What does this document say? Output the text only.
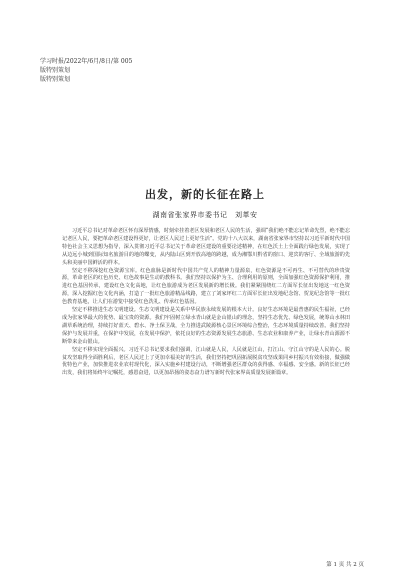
学习时报/2022年/6月/8日/第 005
版特别策划
版特别策划
出发，新的长征在路上
湖南省张家界市委书记　刘革安

习近平总书记对革命老区怀有深厚情感，时刻牵挂着老区发展和老区人民的生活，强调“我们绝不能忘记革命先烈，绝不能忘记老区人民，要把革命老区建设得更好，让老区人民过上更好生活”。党的十八大以来，湖南省张家界市坚持以习近平新时代中国特色社会主义思想为指导，深入贯彻习近平总书记关于革命老区建设的重要论述精神，在红色沃土上全面践行绿色发展，实现了从边远小城到国际知名旅游目的地的蝶变，从内陆山区到开放高地的跨越，成为湘鄂川黔省的窗口、迎宾的客厅、全域旅游的先头和美丽中国鲜活的样本。

坚定不移深挖红色资源宝库。红色血脉是新时代中国共产党人的精神力量源泉，红色资源是不可再生、不可替代的珍贵资源，革命老区的红色历史、红色故事是生动的教科书。我们坚持以保护为主、合理利用的原则，全面加强红色资源保护利用，推进红色基因传承，建设红色文化高地，让红色旅游成为老区发展新的增长极。我们紧紧围绕红二方面军长征出发地这一红色资源，深入挖掘红色文化内涵，打造了一批红色旅游精品线路，建立了刘家坪红二方面军长征出发地纪念馆、贺龙纪念馆等一批红色教育基地，让人们在游览中接受红色洗礼、传承红色基因。

坚定不移推进生态文明建设。生态文明建设是关系中华民族永续发展的根本大计。良好生态环境是最普惠的民生福祉，已经成为张家界最大的优势、最宝贵的资源。我们牢固树立绿水青山就是金山银山的理念，坚持生态优先、绿色发展，统筹山水林田湖草系统治理，持续打好蓝天、碧水、净土保卫战，全力推进武陵源核心景区环境综合整治，生态环境质量持续改善。我们坚持保护与发展并重，在保护中发展，在发展中保护，依托良好的生态资源发展生态旅游、生态农业和康养产业，让绿水青山源源不断带来金山银山。

坚定不移实现全面振兴。习近平总书记要求我们强调，江山就是人民，人民就是江山，打江山、守江山守的是人民的心。脱贫攻坚取得全面胜利后，老区人民过上了更加幸福美好的生活，我们坚持把巩固拓展脱贫攻坚成果同乡村振兴有效衔接，做强做优特色产业，加快推进农业农村现代化，深入实施乡村建设行动，不断增强老区群众的获得感、幸福感、安全感。新的长征已经出发，我们将始终牢记嘱托，感恩奋进，以更加昂扬的姿态奋力谱写新时代张家界高质量发展新篇章。

第 1 页 共 2 页
